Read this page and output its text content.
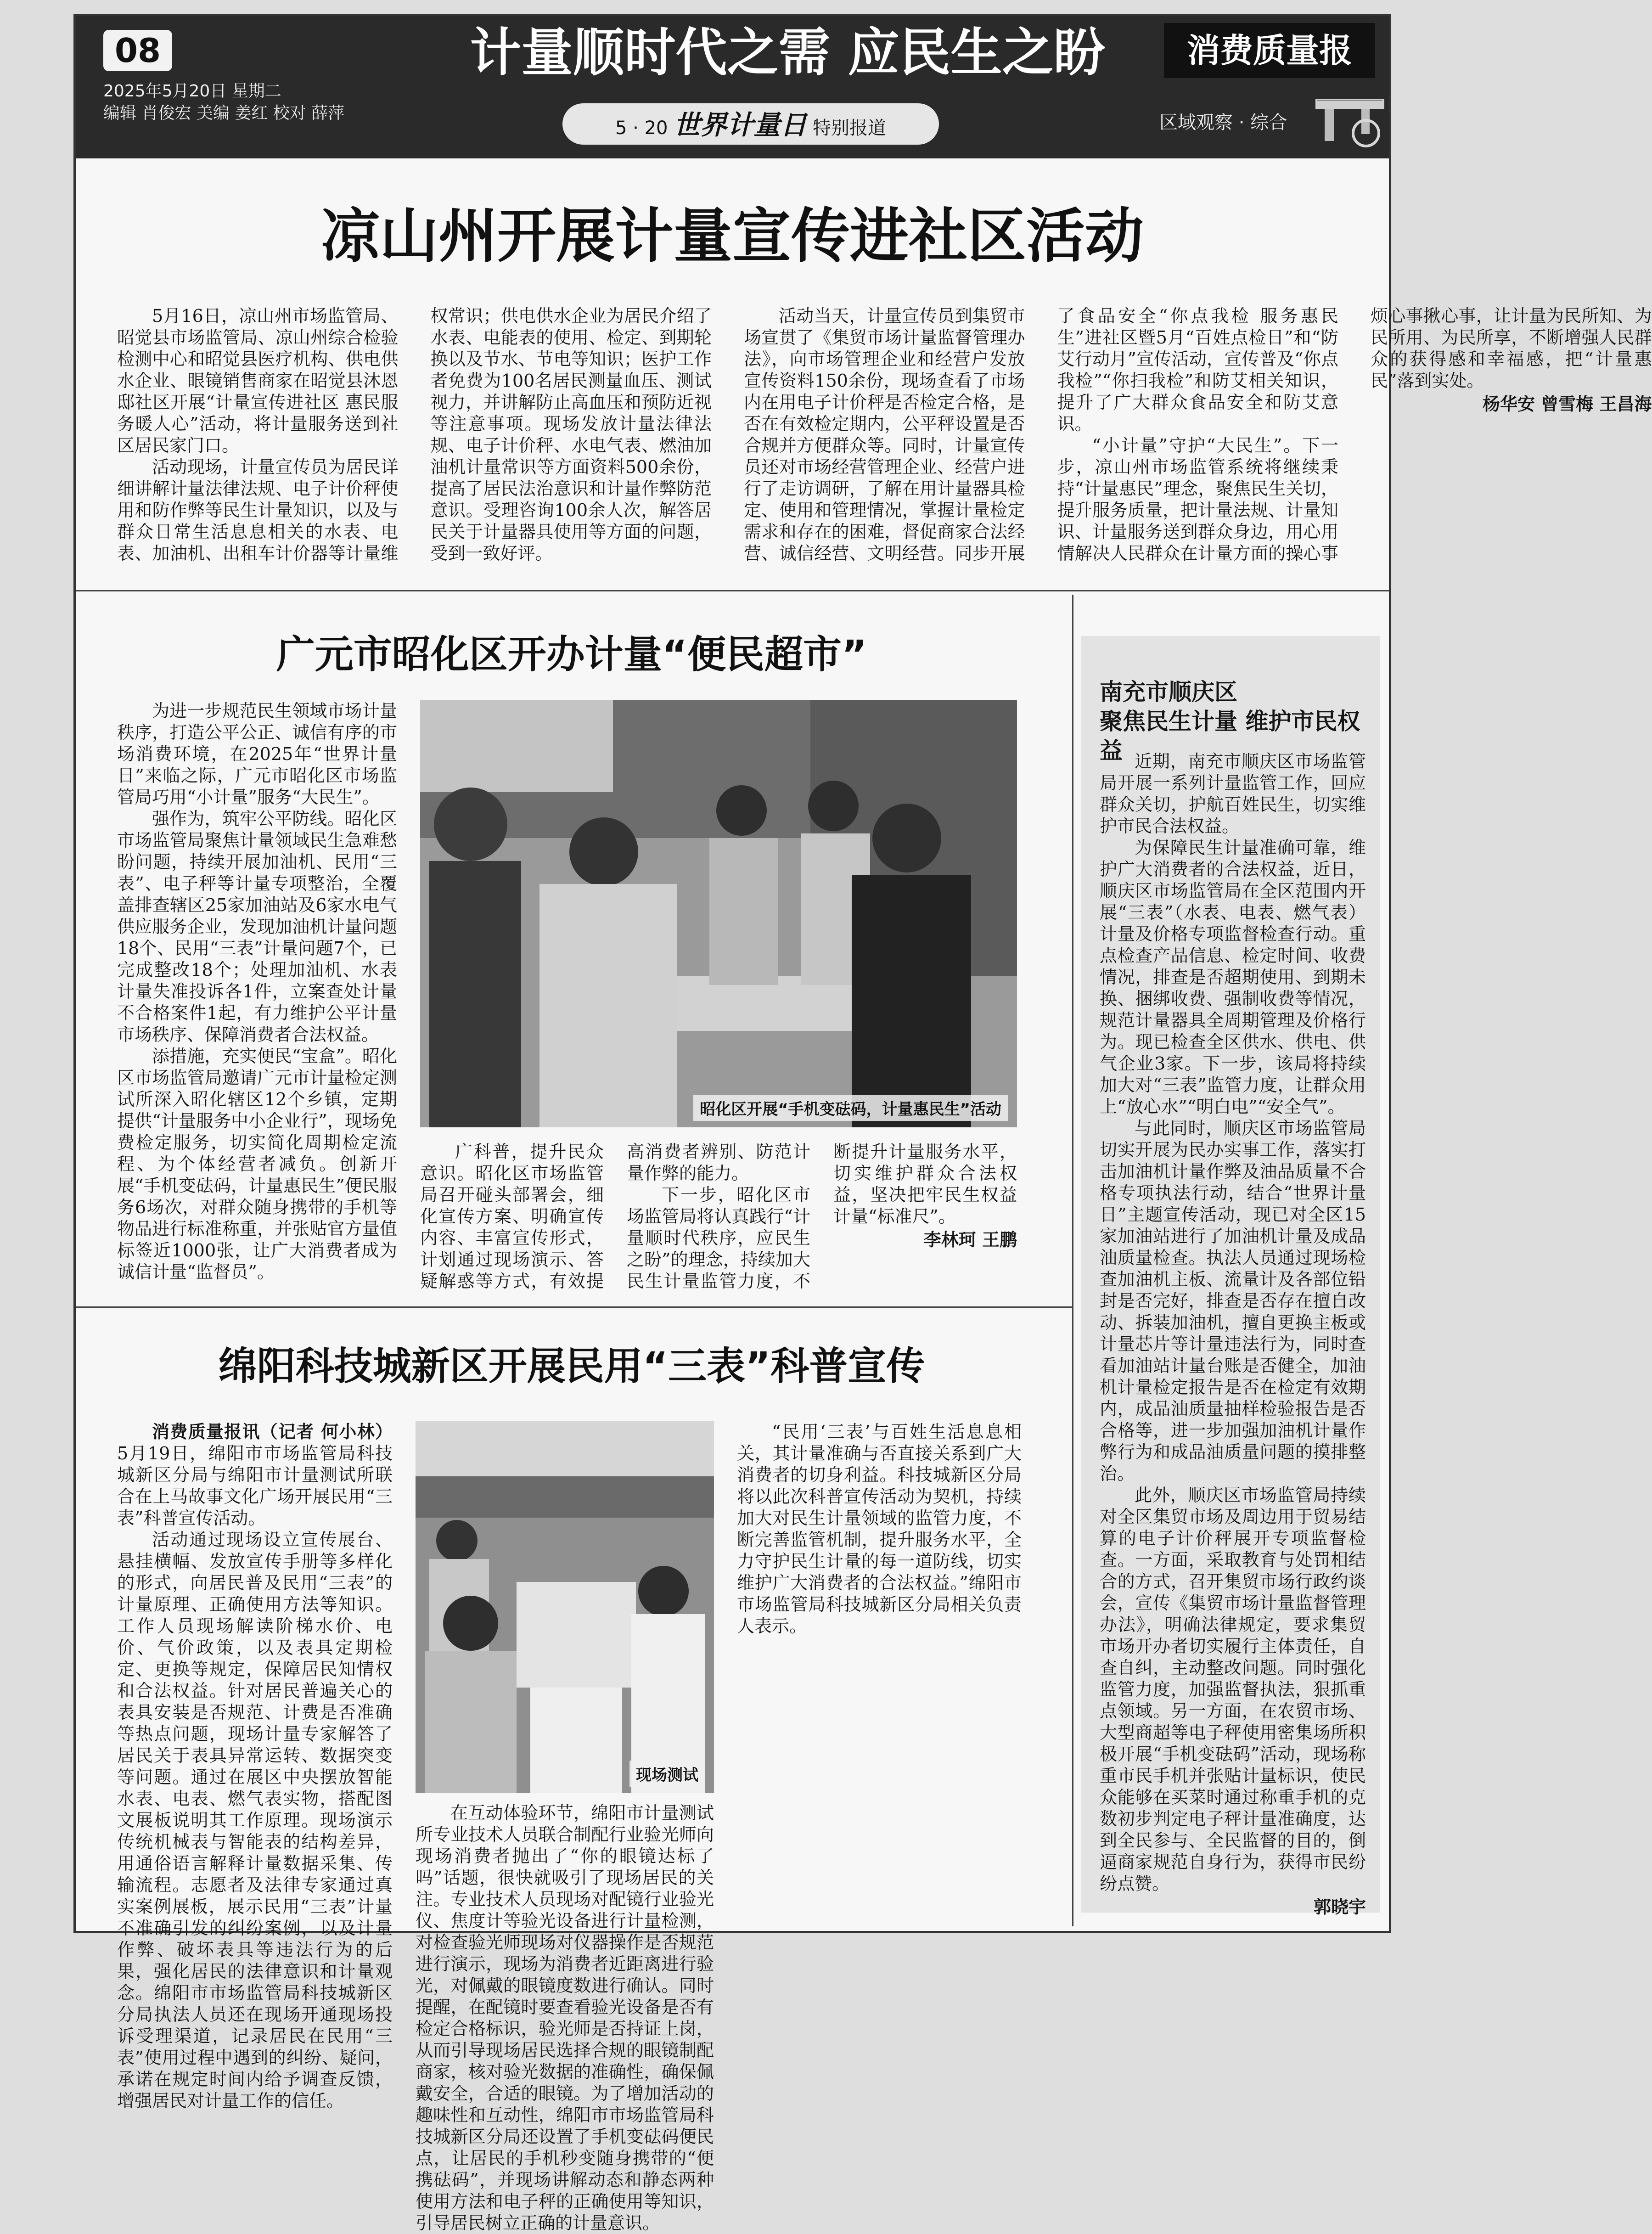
08
2025年5月20日 星期二
编辑 肖俊宏 美编 姜红 校对 薛萍
计量顺时代之需 应民生之盼
5 · 20 世界计量日 特别报道
消费质量报
区域观察 · 综合
凉山州开展计量宣传进社区活动

5月16日，凉山州市场监管局、昭觉县市场监管局、凉山州综合检验检测中心和昭觉县医疗机构、供电供水企业、眼镜销售商家在昭觉县沐恩邸社区开展“计量宣传进社区 惠民服务暖人心”活动，将计量服务送到社区居民家门口。

活动现场，计量宣传员为居民详细讲解计量法律法规、电子计价秤使用和防作弊等民生计量知识，以及与群众日常生活息息相关的水表、电表、加油机、出租车计价器等计量维权常识；供电供水企业为居民介绍了水表、电能表的使用、检定、到期轮换以及节水、节电等知识；医护工作者免费为100名居民测量血压、测试视力，并讲解防止高血压和预防近视等注意事项。现场发放计量法律法规、电子计价秤、水电气表、燃油加油机计量常识等方面资料500余份，提高了居民法治意识和计量作弊防范意识。受理咨询100余人次，解答居民关于计量器具使用等方面的问题，受到一致好评。

活动当天，计量宣传员到集贸市场宣贯了《集贸市场计量监督管理办法》，向市场管理企业和经营户发放宣传资料150余份，现场查看了市场内在用电子计价秤是否检定合格，是否在有效检定期内，公平秤设置是否合规并方便群众等。同时，计量宣传员还对市场经营管理企业、经营户进行了走访调研，了解在用计量器具检定、使用和管理情况，掌握计量检定需求和存在的困难，督促商家合法经营、诚信经营、文明经营。同步开展了食品安全“你点我检 服务惠民生”进社区暨5月“百姓点检日”和“防艾行动月”宣传活动，宣传普及“你点我检”“你扫我检”和防艾相关知识，提升了广大群众食品安全和防艾意识。

“小计量”守护“大民生”。下一步，凉山州市场监管系统将继续秉持“计量惠民”理念，聚焦民生关切，提升服务质量，把计量法规、计量知识、计量服务送到群众身边，用心用情解决人民群众在计量方面的操心事烦心事揪心事，让计量为民所知、为民所用、为民所享，不断增强人民群众的获得感和幸福感，把“计量惠民”落到实处。

杨华安 曾雪梅 王昌海
广元市昭化区开办计量“便民超市”
昭化区开展“手机变砝码，计量惠民生”活动

为进一步规范民生领域市场计量秩序，打造公平公正、诚信有序的市场消费环境，在2025年“世界计量日”来临之际，广元市昭化区市场监管局巧用“小计量”服务“大民生”。

强作为，筑牢公平防线。昭化区市场监管局聚焦计量领域民生急难愁盼问题，持续开展加油机、民用“三表”、电子秤等计量专项整治，全覆盖排查辖区25家加油站及6家水电气供应服务企业，发现加油机计量问题18个、民用“三表”计量问题7个，已完成整改18个；处理加油机、水表计量失准投诉各1件，立案查处计量不合格案件1起，有力维护公平计量市场秩序、保障消费者合法权益。

添措施，充实便民“宝盒”。昭化区市场监管局邀请广元市计量检定测试所深入昭化辖区12个乡镇，定期提供“计量服务中小企业行”，现场免费检定服务，切实简化周期检定流程、为个体经营者减负。创新开展“手机变砝码，计量惠民生”便民服务6场次，对群众随身携带的手机等物品进行标准称重，并张贴官方量值标签近1000张，让广大消费者成为诚信计量“监督员”。

广科普，提升民众意识。昭化区市场监管局召开碰头部署会，细化宣传方案、明确宣传内容、丰富宣传形式，计划通过现场演示、答疑解惑等方式，有效提高消费者辨别、防范计量作弊的能力。

下一步，昭化区市场监管局将认真践行“计量顺时代秩序，应民生之盼”的理念，持续加大民生计量监管力度，不断提升计量服务水平，切实维护群众合法权益，坚决把牢民生权益计量“标准尺”。

李林珂 王鹏
绵阳科技城新区开展民用“三表”科普宣传

消费质量报讯（记者 何小林）5月19日，绵阳市市场监管局科技城新区分局与绵阳市计量测试所联合在上马故事文化广场开展民用“三表”科普宣传活动。

活动通过现场设立宣传展台、悬挂横幅、发放宣传手册等多样化的形式，向居民普及民用“三表”的计量原理、正确使用方法等知识。工作人员现场解读阶梯水价、电价、气价政策，以及表具定期检定、更换等规定，保障居民知情权和合法权益。针对居民普遍关心的表具安装是否规范、计费是否准确等热点问题，现场计量专家解答了居民关于表具异常运转、数据突变等问题。通过在展区中央摆放智能水表、电表、燃气表实物，搭配图文展板说明其工作原理。现场演示传统机械表与智能表的结构差异，用通俗语言解释计量数据采集、传输流程。志愿者及法律专家通过真实案例展板，展示民用“三表”计量不准确引发的纠纷案例，以及计量作弊、破坏表具等违法行为的后果，强化居民的法律意识和计量观念。绵阳市市场监管局科技城新区分局执法人员还在现场开通现场投诉受理渠道，记录居民在民用“三表”使用过程中遇到的纠纷、疑问，承诺在规定时间内给予调查反馈，增强居民对计量工作的信任。

现场测试

在互动体验环节，绵阳市计量测试所专业技术人员联合制配行业验光师向现场消费者抛出了“你的眼镜达标了吗”话题，很快就吸引了现场居民的关注。专业技术人员现场对配镜行业验光仪、焦度计等验光设备进行计量检测，对检查验光师现场对仪器操作是否规范进行演示，现场为消费者近距离进行验光，对佩戴的眼镜度数进行确认。同时提醒，在配镜时要查看验光设备是否有检定合格标识，验光师是否持证上岗，从而引导现场居民选择合规的眼镜制配商家，核对验光数据的准确性，确保佩戴安全，合适的眼镜。为了增加活动的趣味性和互动性，绵阳市市场监管局科技城新区分局还设置了手机变砝码便民点，让居民的手机秒变随身携带的“便携砝码”，并现场讲解动态和静态两种使用方法和电子秤的正确使用等知识，引导居民树立正确的计量意识。

“民用‘三表’与百姓生活息息相关，其计量准确与否直接关系到广大消费者的切身利益。科技城新区分局将以此次科普宣传活动为契机，持续加大对民生计量领域的监管力度，不断完善监管机制，提升服务水平，全力守护民生计量的每一道防线，切实维护广大消费者的合法权益。”绵阳市市场监管局科技城新区分局相关负责人表示。

南充市顺庆区
聚焦民生计量 维护市民权益 近期，南充市顺庆区市场监管局开展一系列计量监管工作，回应群众关切，护航百姓民生，切实维护市民合法权益。

为保障民生计量准确可靠，维护广大消费者的合法权益，近日，顺庆区市场监管局在全区范围内开展“三表”（水表、电表、燃气表）计量及价格专项监督检查行动。重点检查产品信息、检定时间、收费情况，排查是否超期使用、到期未换、捆绑收费、强制收费等情况，规范计量器具全周期管理及价格行为。现已检查全区供水、供电、供气企业3家。下一步，该局将持续加大对“三表”监管力度，让群众用上“放心水”“明白电”“安全气”。

与此同时，顺庆区市场监管局切实开展为民办实事工作，落实打击加油机计量作弊及油品质量不合格专项执法行动，结合“世界计量日”主题宣传活动，现已对全区15家加油站进行了加油机计量及成品油质量检查。执法人员通过现场检查加油机主板、流量计及各部位铅封是否完好，排查是否存在擅自改动、拆装加油机，擅自更换主板或计量芯片等计量违法行为，同时查看加油站计量台账是否健全，加油机计量检定报告是否在检定有效期内，成品油质量抽样检验报告是否合格等，进一步加强加油机计量作弊行为和成品油质量问题的摸排整治。

此外，顺庆区市场监管局持续对全区集贸市场及周边用于贸易结算的电子计价秤展开专项监督检查。一方面，采取教育与处罚相结合的方式，召开集贸市场行政约谈会，宣传《集贸市场计量监督管理办法》，明确法律规定，要求集贸市场开办者切实履行主体责任，自查自纠，主动整改问题。同时强化监管力度，加强监督执法，狠抓重点领域。另一方面，在农贸市场、大型商超等电子秤使用密集场所积极开展“手机变砝码”活动，现场称重市民手机并张贴计量标识，使民众能够在买菜时通过称重手机的克数初步判定电子秤计量准确度，达到全民参与、全民监督的目的，倒逼商家规范自身行为，获得市民纷纷点赞。

郭晓宇
